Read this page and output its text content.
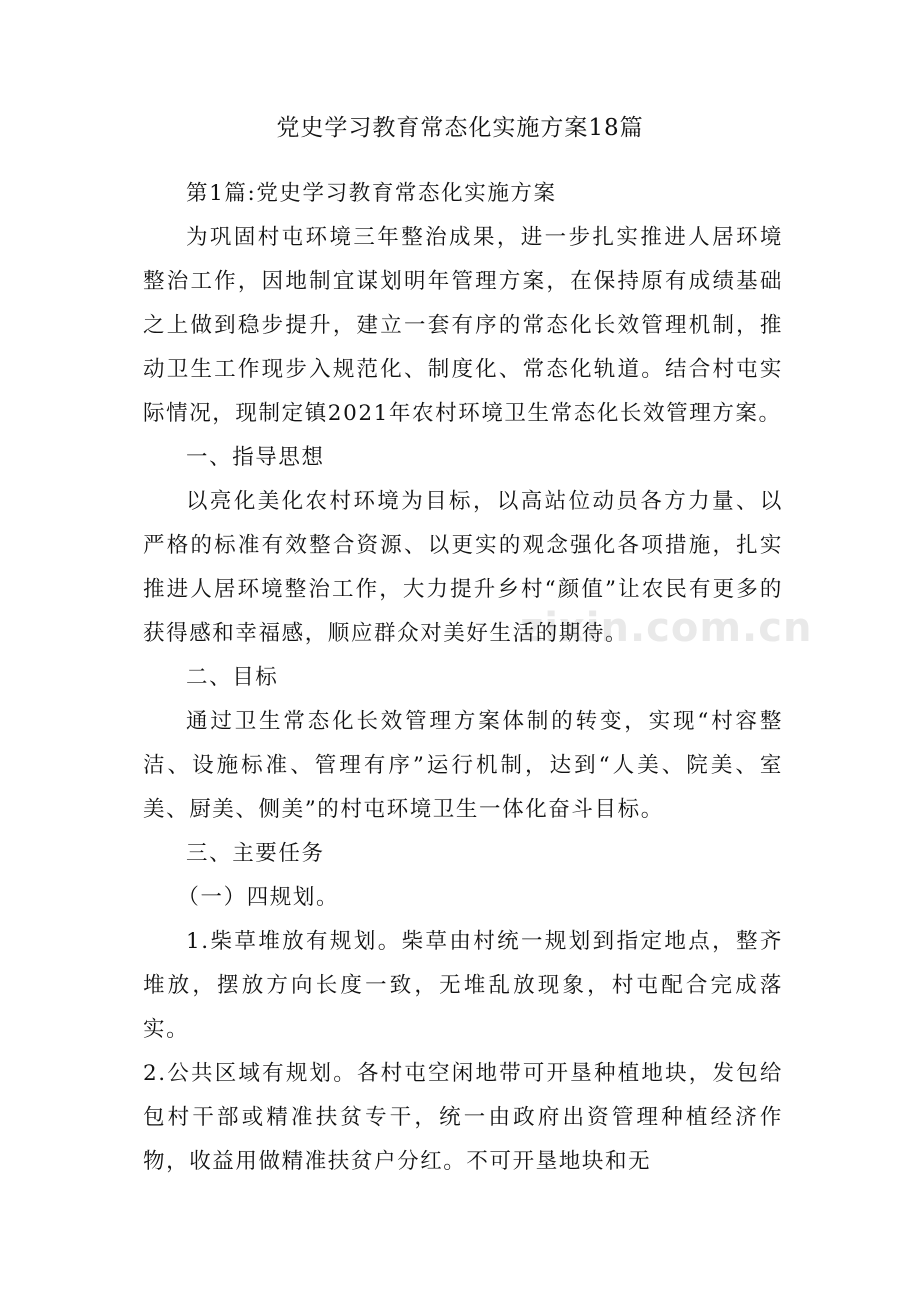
zixin.com.cn
党史学习教育常态化实施方案18篇

第1篇:党史学习教育常态化实施方案

为巩固村屯环境三年整治成果，进一步扎实推进人居环境整治工作，因地制宜谋划明年管理方案，在保持原有成绩基础之上做到稳步提升，建立一套有序的常态化长效管理机制，推动卫生工作现步入规范化、制度化、常态化轨道。结合村屯实际情况，现制定镇2021年农村环境卫生常态化长效管理方案。

一、指导思想

以亮化美化农村环境为目标，以高站位动员各方力量、以严格的标准有效整合资源、以更实的观念强化各项措施，扎实推进人居环境整治工作，大力提升乡村“颜值”让农民有更多的获得感和幸福感，顺应群众对美好生活的期待。

二、目标

通过卫生常态化长效管理方案体制的转变，实现“村容整洁、设施标准、管理有序”运行机制，达到“人美、院美、室美、厨美、侧美”的村屯环境卫生一体化奋斗目标。

三、主要任务

（一）四规划。

1.柴草堆放有规划。柴草由村统一规划到指定地点，整齐堆放，摆放方向长度一致，无堆乱放现象，村屯配合完成落实。

2.公共区域有规划。各村屯空闲地带可开垦种植地块，发包给包村干部或精准扶贫专干，统一由政府出资管理种植经济作物，收益用做精准扶贫户分红。不可开垦地块和无
